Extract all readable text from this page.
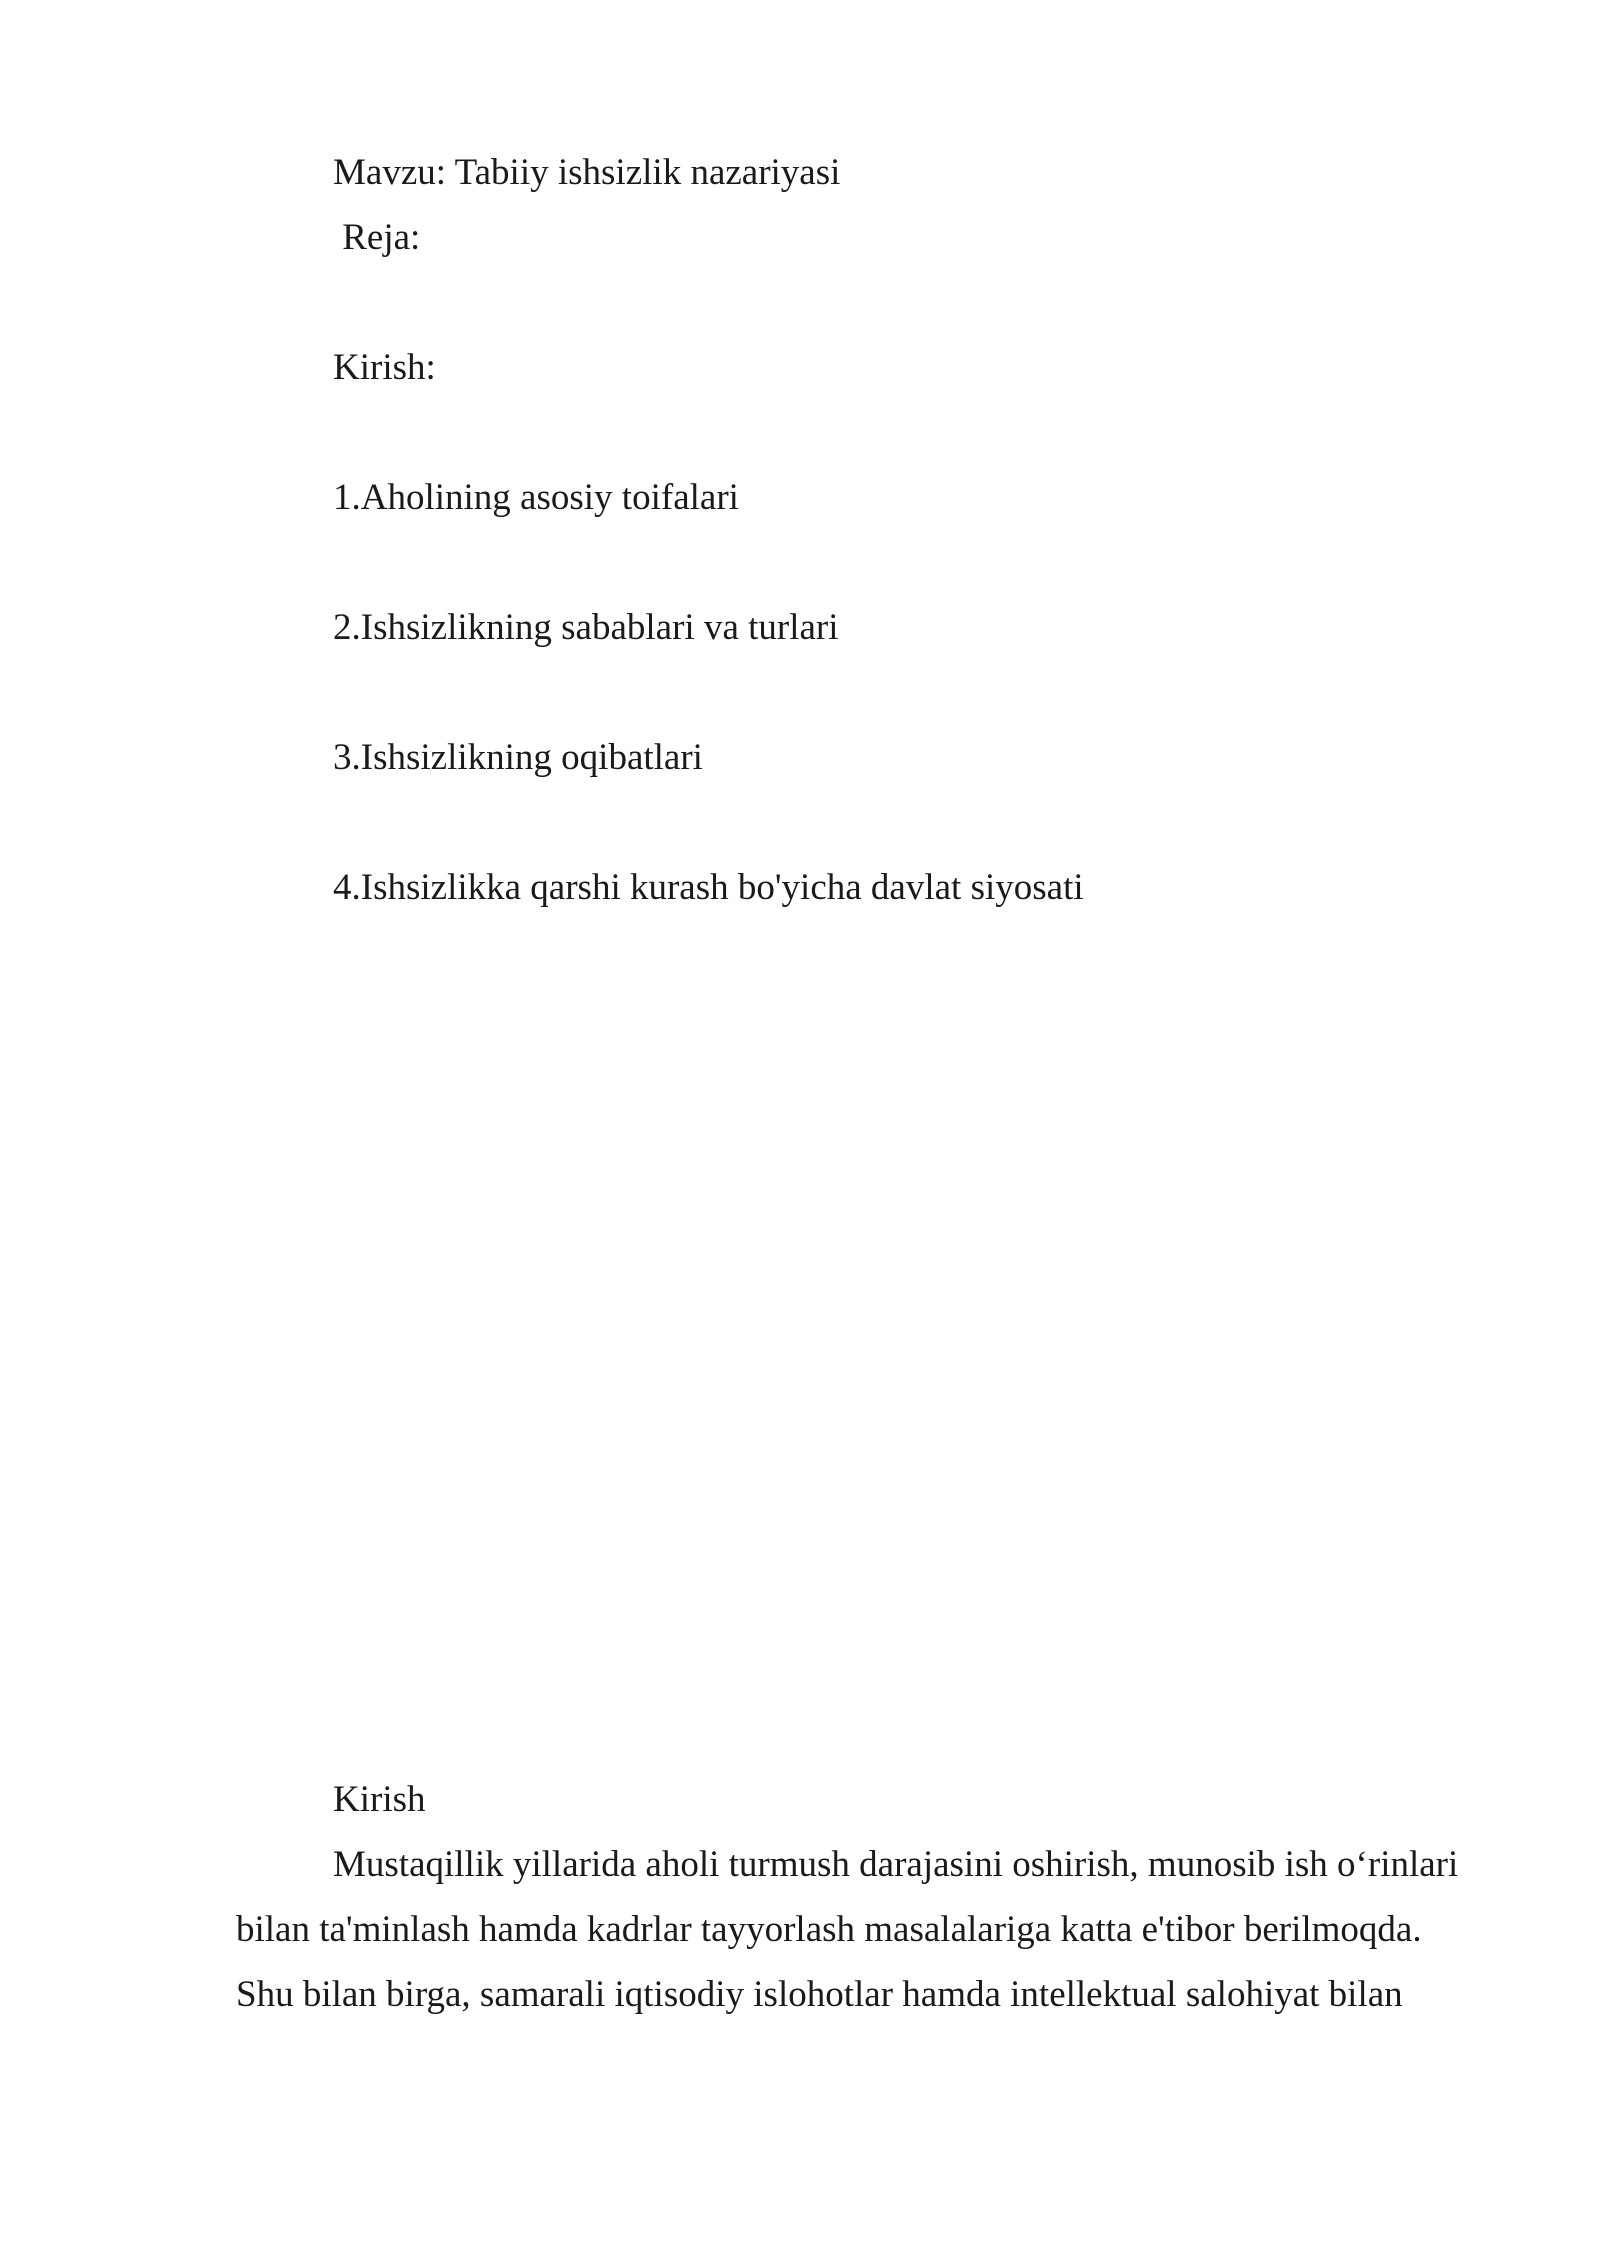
Mavzu: Tabiiy ishsizlik nazariyasi

Reja:

Kirish:

1.Aholining asosiy toifalari

2.Ishsizlikning sabablari va turlari

3.Ishsizlikning oqibatlari

4.Ishsizlikka qarshi kurash bo'yicha davlat siyosati

Kirish

Mustaqillik yillarida aholi turmush darajasini oshirish, munosib ish o‘rinlari

bilan ta'minlash hamda kadrlar tayyorlash masalalariga katta e'tibor berilmoqda.

Shu bilan birga, samarali iqtisodiy islohotlar hamda intellektual salohiyat bilan
